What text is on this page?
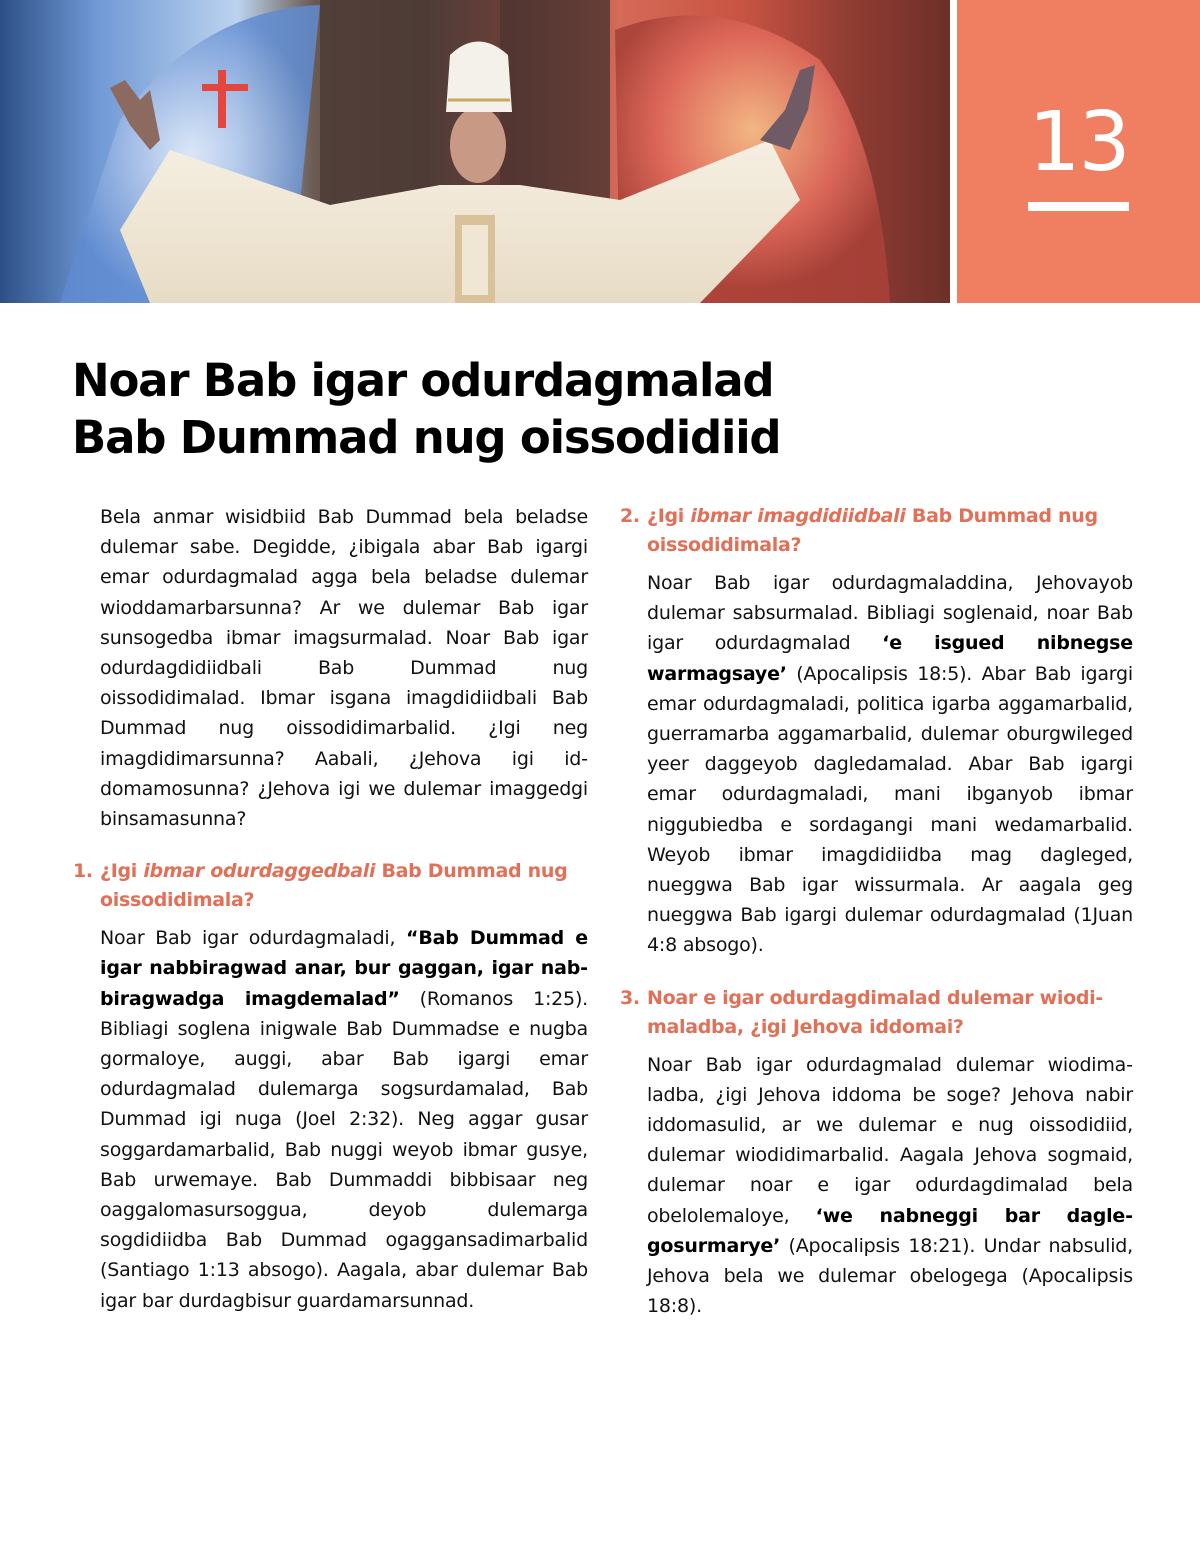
13
Noar Bab igar odurdagmalad
Bab Dummad nug oissodidiid

Bela anmar wisidbiid Bab Dummad bela beladse dulemar sabe. Degidde, ¿ibigala abar Bab igargi emar odurdagmalad agga bela beladse dulemar wioddamarbarsunna? Ar we dulemar Bab igar sunsogedba ibmar imagsurmalad. Noar Bab igar odurdagdidiidbali Bab Dummad nug oissodidimalad. Ibmar isgana imagdidiidbali Bab Dummad nug oissodidimarbalid. ¿Igi neg imagdidimarsunna? Aabali, ¿Jehova igi iddomamosunna? ¿Jehova igi we dulemar imaggedgi binsamasunna?

1. ¿Igi ibmar odurdaggedbali Bab Dummad nug oissodidimala?

Noar Bab igar odurdagmaladi, “Bab Dummad e igar nabbiragwad anar, bur gaggan, igar nabbiragwadga imagdemalad” (Romanos 1:25). Bibliagi soglena inigwale Bab Dummadse e nugba gormaloye, auggi, abar Bab igargi emar odurdagmalad dulemarga sogsurdamalad, Bab Dummad igi nuga (Joel 2:32). Neg aggar gusar soggardamarbalid, Bab nuggi weyob ibmar gusye, Bab urwemaye. Bab Dummaddi bibbisaar neg oaggalomasursoggua, deyob dulemarga sogdidiidba Bab Dummad ogaggansadimarbalid (Santiago 1:13 absogo). Aagala, abar dulemar Bab igar bar durdagbisur guardamarsunnad.

2. ¿Igi ibmar imagdidiidbali Bab Dummad nug oissodidimala?

Noar Bab igar odurdagmaladdina, Jehovayob dulemar sabsurmalad. Bibliagi soglenaid, noar Bab igar odurdagmalad ‘e isgued nibnegse warmagsaye’ (Apocalipsis 18:5). Abar Bab igargi emar odurdagmaladi, politica igarba aggamarbalid, guerramarba aggamarbalid, dulemar oburgwileged yeer daggeyob dagledamalad. Abar Bab igargi emar odurdagmaladi, mani ibganyob ibmar niggubiedba e sordagangi mani wedamarbalid. Weyob ibmar imagdidiidba mag dagleged, nueggwa Bab igar wissurmala. Ar aagala geg nueggwa Bab igargi dulemar odurdagmalad (1Juan 4:8 absogo).

3. Noar e igar odurdagdimalad dulemar wiodimaladba, ¿igi Jehova iddomai?

Noar Bab igar odurdagmalad dulemar wiodimaladba, ¿igi Jehova iddoma be soge? Jehova nabir iddomasulid, ar we dulemar e nug oissodidiid, dulemar wiodidimarbalid. Aagala Jehova sogmaid, dulemar noar e igar odurdagdimalad bela obelolemaloye, ‘we nabneggi bar daglegosurmarye’ (Apocalipsis 18:21). Undar nabsulid, Jehova bela we dulemar obelogega (Apocalipsis 18:8).
